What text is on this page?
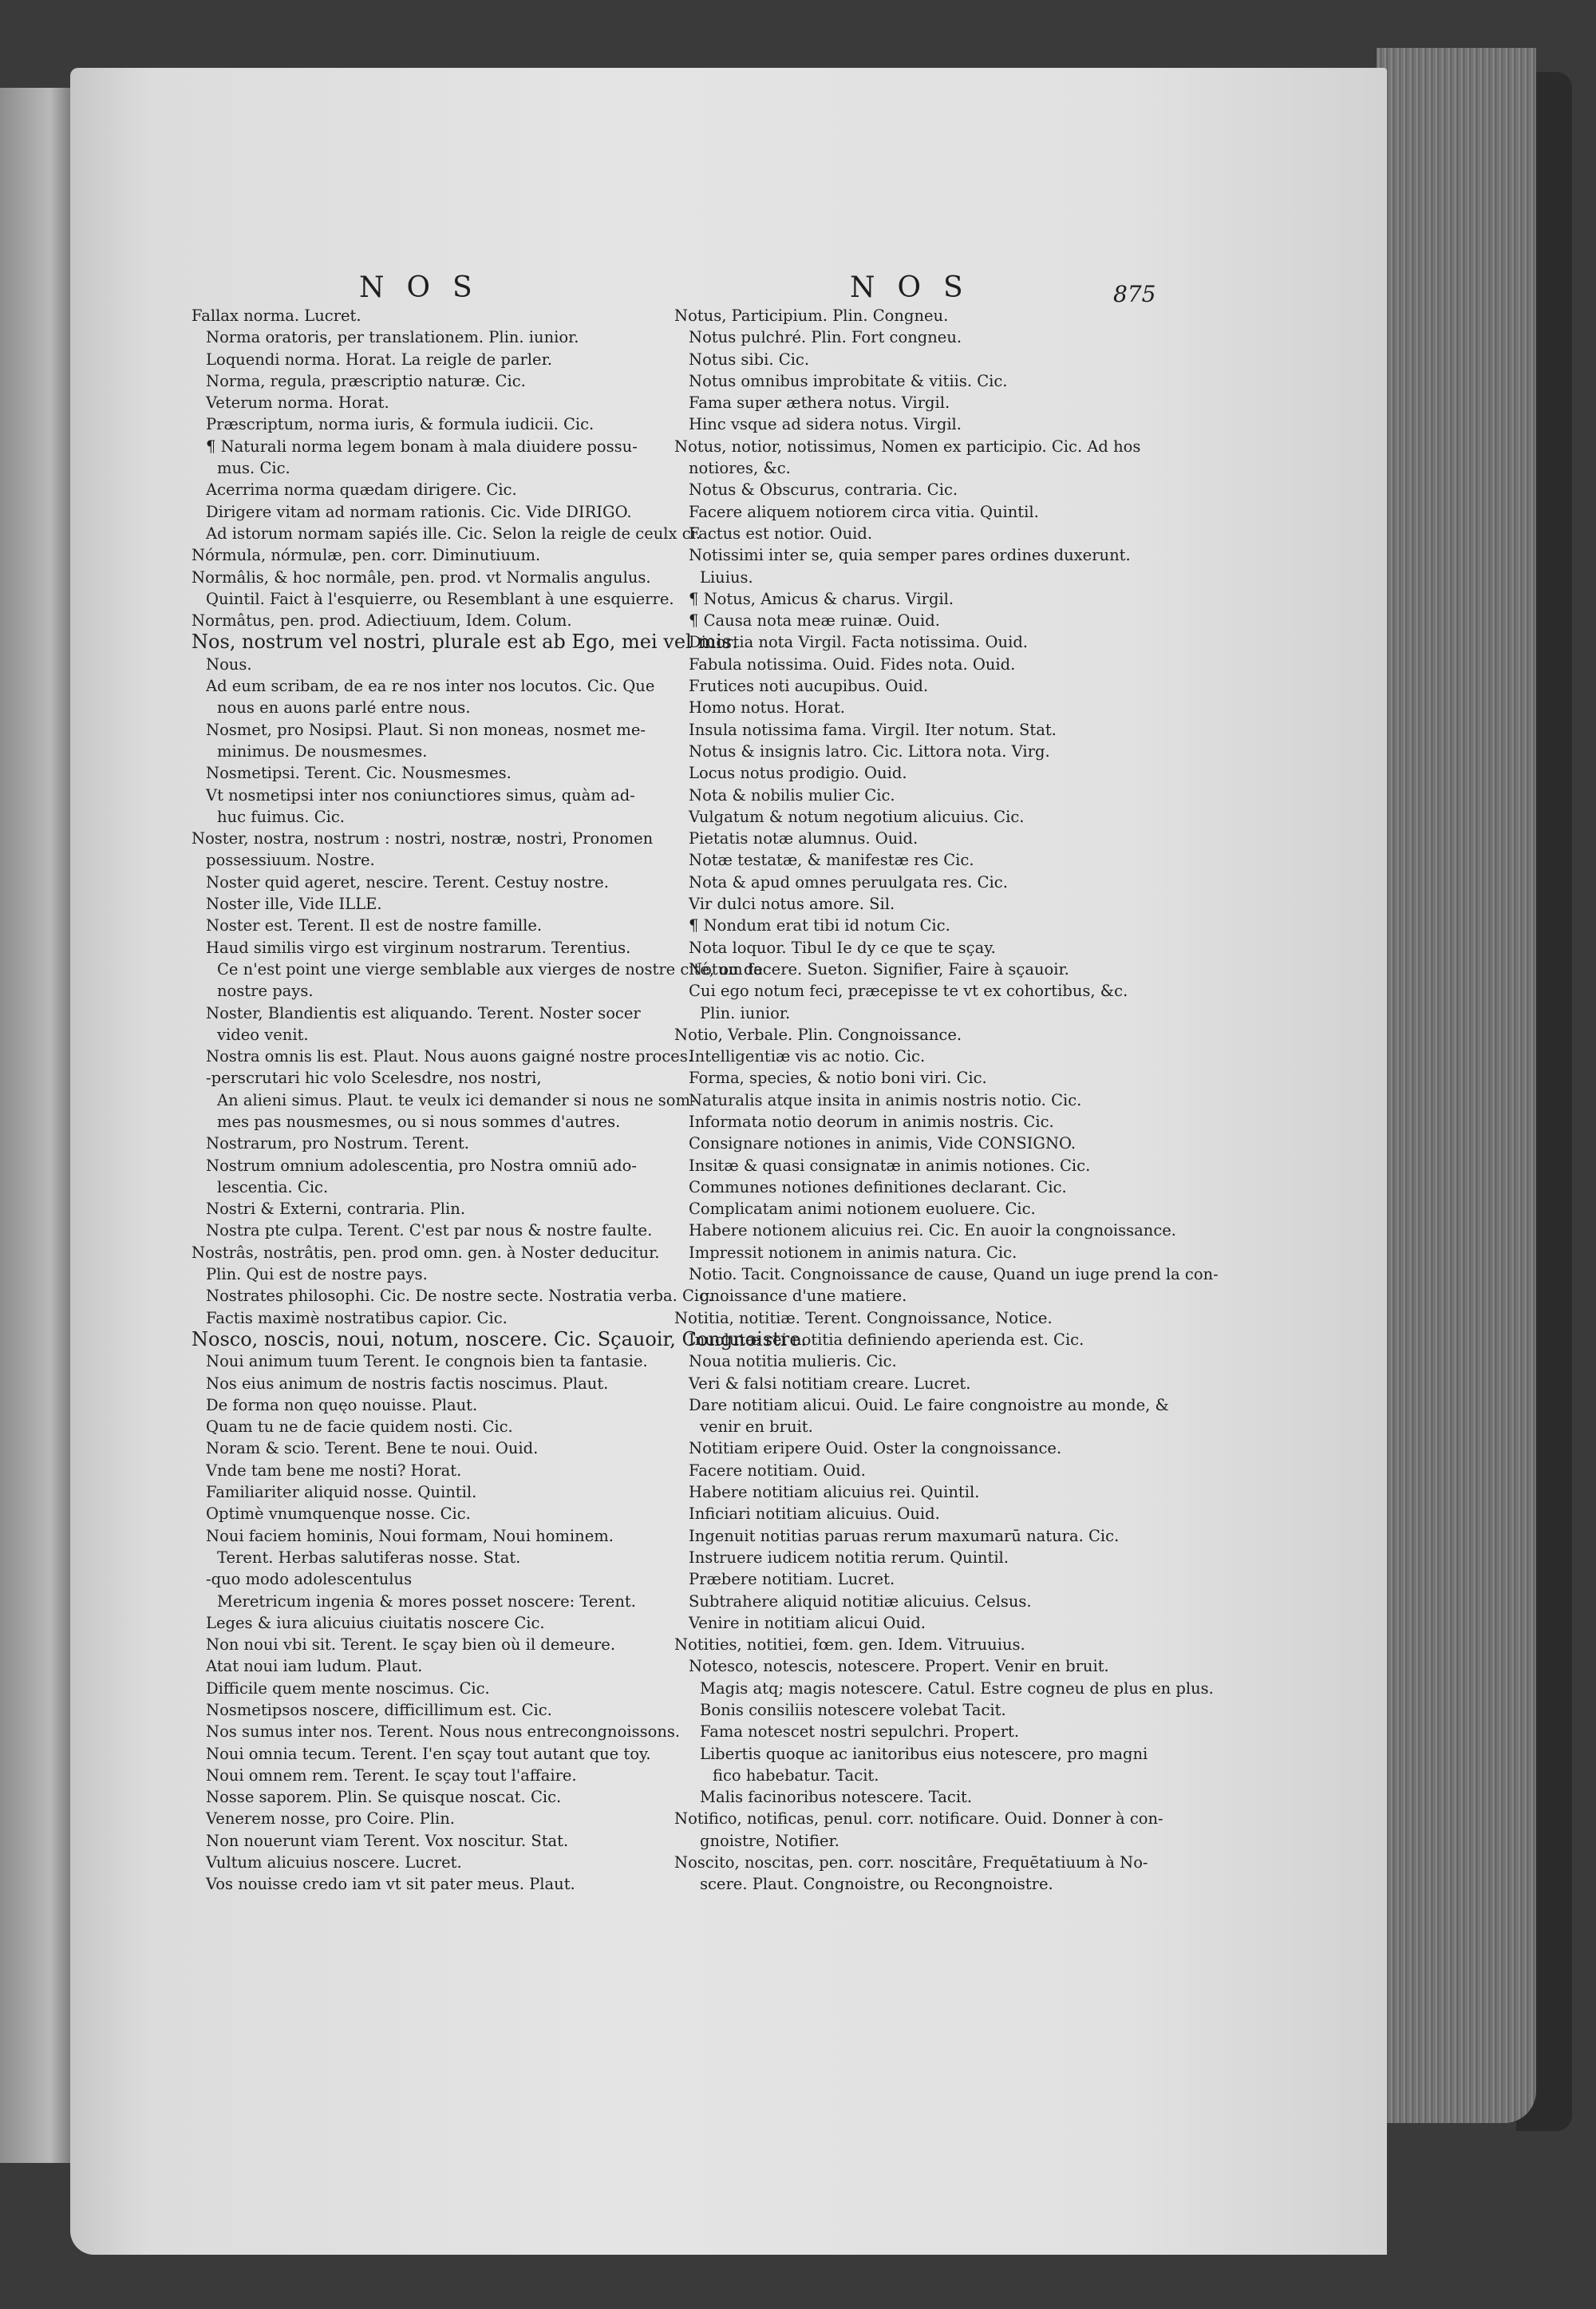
NOS	NOS	875
Fallax norma. Lucret.
Norma oratoris, per translationem. Plin. iunior.
Loquendi norma. Horat. La reigle de parler.
Norma, regula, præscriptio naturæ. Cic.
Veterum norma. Horat.
Præscriptum, norma iuris, & formula iudicii. Cic.
¶ Naturali norma legem bonam à mala diuidere possu-
mus. Cic.
Acerrima norma quædam dirigere. Cic.
Dirigere vitam ad normam rationis. Cic. Vide DIRIGO.
Ad istorum normam sapiés ille. Cic. Selon la reigle de ceulx ci.
Nórmula, nórmulæ, pen. corr. Diminutiuum.
Normâlis, & hoc normâle, pen. prod. vt Normalis angulus.
Quintil. Faict à l'esquierre, ou Resemblant à une esquierre.
Normâtus, pen. prod. Adiectiuum, Idem. Colum.
Nos, nostrum vel nostri, plurale est ab Ego, mei vel mis.
Nous.
Ad eum scribam, de ea re nos inter nos locutos. Cic. Que
nous en auons parlé entre nous.
Nosmet, pro Nosipsi. Plaut. Si non moneas, nosmet me-
minimus. De nousmesmes.
Nosmetipsi. Terent. Cic. Nousmesmes.
Vt nosmetipsi inter nos coniunctiores simus, quàm ad-
huc fuimus. Cic.
Noster, nostra, nostrum : nostri, nostræ, nostri, Pronomen
possessiuum. Nostre.
Noster quid ageret, nescire. Terent. Cestuy nostre.
Noster ille, Vide ILLE.
Noster est. Terent. Il est de nostre famille.
Haud similis virgo est virginum nostrarum. Terentius.
Ce n'est point une vierge semblable aux vierges de nostre cité, ou de
nostre pays.
Noster, Blandientis est aliquando. Terent. Noster socer
video venit.
Nostra omnis lis est. Plaut. Nous auons gaigné nostre proces.
-perscrutari hic volo Scelesdre, nos nostri,
An alieni simus. Plaut. te veulx ici demander si nous ne som-
mes pas nousmesmes, ou si nous sommes d'autres.
Nostrarum, pro Nostrum. Terent.
Nostrum omnium adolescentia, pro Nostra omniū ado-
lescentia. Cic.
Nostri & Externi, contraria. Plin.
Nostra pte culpa. Terent. C'est par nous & nostre faulte.
Nostrâs, nostrâtis, pen. prod omn. gen. à Noster deducitur.
Plin. Qui est de nostre pays.
Nostrates philosophi. Cic. De nostre secte. Nostratia verba. Cic.
Factis maximè nostratibus capior. Cic.
Nosco, noscis, noui, notum, noscere. Cic. Sçauoir, Congnoistre.
Noui animum tuum Terent. Ie congnois bien ta fantasie.
Nos eius animum de nostris factis noscimus. Plaut.
De forma non quęo nouisse. Plaut.
Quam tu ne de facie quidem nosti. Cic.
Noram & scio. Terent. Bene te noui. Ouid.
Vnde tam bene me nosti? Horat.
Familiariter aliquid nosse. Quintil.
Optimè vnumquenque nosse. Cic.
Noui faciem hominis, Noui formam, Noui hominem.
Terent. Herbas salutiferas nosse. Stat.
-quo modo adolescentulus
Meretricum ingenia & mores posset noscere: Terent.
Leges & iura alicuius ciuitatis noscere Cic.
Non noui vbi sit. Terent. Ie sçay bien où il demeure.
Atat noui iam ludum. Plaut.
Difficile quem mente noscimus. Cic.
Nosmetipsos noscere, difficillimum est. Cic.
Nos sumus inter nos. Terent. Nous nous entrecongnoissons.
Noui omnia tecum. Terent. I'en sçay tout autant que toy.
Noui omnem rem. Terent. Ie sçay tout l'affaire.
Nosse saporem. Plin. Se quisque noscat. Cic.
Venerem nosse, pro Coire. Plin.
Non nouerunt viam Terent. Vox noscitur. Stat.
Vultum alicuius noscere. Lucret.
Vos nouisse credo iam vt sit pater meus. Plaut.
Notus, Participium. Plin. Congneu.
Notus pulchré. Plin. Fort congneu.
Notus sibi. Cic.
Notus omnibus improbitate & vitiis. Cic.
Fama super æthera notus. Virgil.
Hinc vsque ad sidera notus. Virgil.
Notus, notior, notissimus, Nomen ex participio. Cic. Ad hos
notiores, &c.
Notus & Obscurus, contraria. Cic.
Facere aliquem notiorem circa vitia. Quintil.
Factus est notior. Ouid.
Notissimi inter se, quia semper pares ordines duxerunt.
Liuius.
¶ Notus, Amicus & charus. Virgil.
¶ Causa nota meæ ruinæ. Ouid.
Diuortia nota Virgil. Facta notissima. Ouid.
Fabula notissima. Ouid. Fides nota. Ouid.
Frutices noti aucupibus. Ouid.
Homo notus. Horat.
Insula notissima fama. Virgil. Iter notum. Stat.
Notus & insignis latro. Cic. Littora nota. Virg.
Locus notus prodigio. Ouid.
Nota & nobilis mulier Cic.
Vulgatum & notum negotium alicuius. Cic.
Pietatis notæ alumnus. Ouid.
Notæ testatæ, & manifestæ res Cic.
Nota & apud omnes peruulgata res. Cic.
Vir dulci notus amore. Sil.
¶ Nondum erat tibi id notum Cic.
Nota loquor. Tibul Ie dy ce que te sçay.
Notum facere. Sueton. Signifier, Faire à sçauoir.
Cui ego notum feci, præcepisse te vt ex cohortibus, &c.
Plin. iunior.
Notio, Verbale. Plin. Congnoissance.
Intelligentiæ vis ac notio. Cic.
Forma, species, & notio boni viri. Cic.
Naturalis atque insita in animis nostris notio. Cic.
Informata notio deorum in animis nostris. Cic.
Consignare notiones in animis, Vide CONSIGNO.
Insitæ & quasi consignatæ in animis notiones. Cic.
Communes notiones definitiones declarant. Cic.
Complicatam animi notionem euoluere. Cic.
Habere notionem alicuius rei. Cic. En auoir la congnoissance.
Impressit notionem in animis natura. Cic.
Notio. Tacit. Congnoissance de cause, Quand un iuge prend la con-
gnoissance d'une matiere.
Notitia, notitiæ. Terent. Congnoissance, Notice.
Inuolutæ rei notitia definiendo aperienda est. Cic.
Noua notitia mulieris. Cic.
Veri & falsi notitiam creare. Lucret.
Dare notitiam alicui. Ouid. Le faire congnoistre au monde, &
venir en bruit.
Notitiam eripere Ouid. Oster la congnoissance.
Facere notitiam. Ouid.
Habere notitiam alicuius rei. Quintil.
Inficiari notitiam alicuius. Ouid.
Ingenuit notitias paruas rerum maxumarū natura. Cic.
Instruere iudicem notitia rerum. Quintil.
Præbere notitiam. Lucret.
Subtrahere aliquid notitiæ alicuius. Celsus.
Venire in notitiam alicui Ouid.
Notities, notitiei, fœm. gen. Idem. Vitruuius.
Notesco, notescis, notescere. Propert. Venir en bruit.
Magis atq; magis notescere. Catul. Estre cogneu de plus en plus.
Bonis consiliis notescere volebat Tacit.
Fama notescet nostri sepulchri. Propert.
Libertis quoque ac ianitoribus eius notescere, pro magni
fico habebatur. Tacit.
Malis facinoribus notescere. Tacit.
Notifico, notificas, penul. corr. notificare. Ouid. Donner à con-
gnoistre, Notifier.
Noscito, noscitas, pen. corr. noscitâre, Frequētatiuum à No-
scere. Plaut. Congnoistre, ou Recongnoistre.
